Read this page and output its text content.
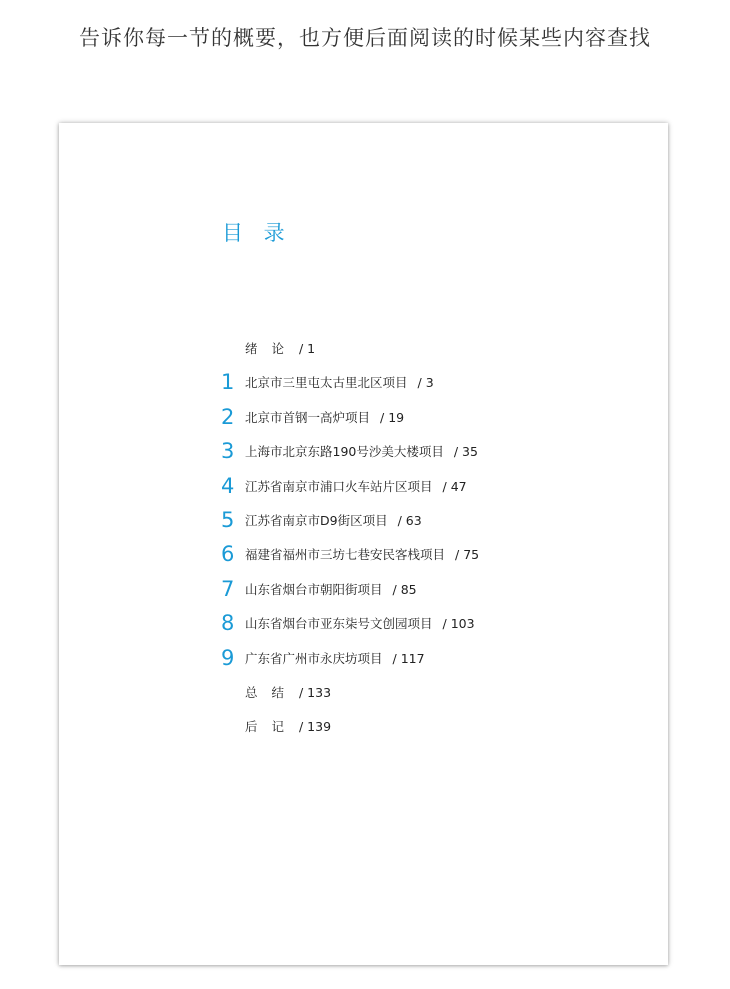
告诉你每一节的概要，也方便后面阅读的时候某些内容查找
目 录
绪 论 / 1
1 北京市三里屯太古里北区项目 / 3
2 北京市首钢一高炉项目 / 19
3 上海市北京东路190号沙美大楼项目 / 35
4 江苏省南京市浦口火车站片区项目 / 47
5 江苏省南京市D9街区项目 / 63
6 福建省福州市三坊七巷安民客栈项目 / 75
7 山东省烟台市朝阳街项目 / 85
8 山东省烟台市亚东柒号文创园项目 / 103
9 广东省广州市永庆坊项目 / 117
总 结 / 133
后 记 / 139
